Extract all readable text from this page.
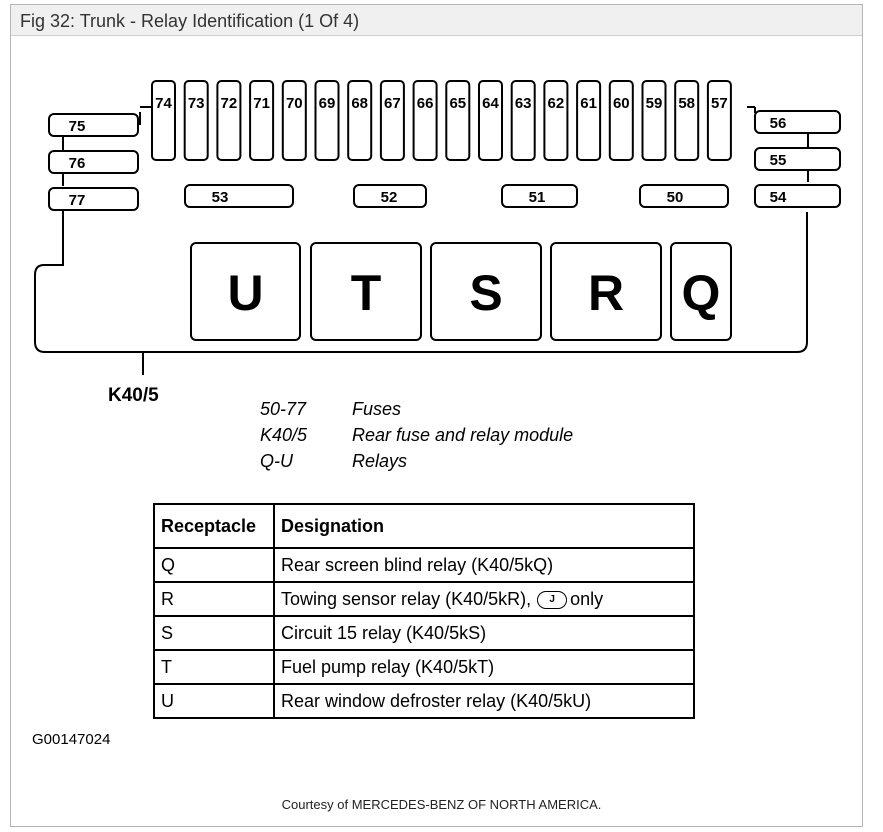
Fig 32: Trunk - Relay Identification (1 Of 4)
K40/5
74 73 72 71 70 69 68 67 66 65 64 63 62 61 60 59 58 57
75
76
77
56
55
54
53	52	51	50
U T S R Q
50-77	Fuses
K40/5 Rear fuse and relay module
Q-U	Relays
Receptacle	Designation
Q	Rear screen blind relay (K40/5kQ)
R	Towing sensor relay (K40/5kR), J only
S	Circuit 15 relay (K40/5kS)
T	Fuel pump relay (K40/5kT)
U	Rear window defroster relay (K40/5kU)
G00147024
Courtesy of MERCEDES-BENZ OF NORTH AMERICA.
